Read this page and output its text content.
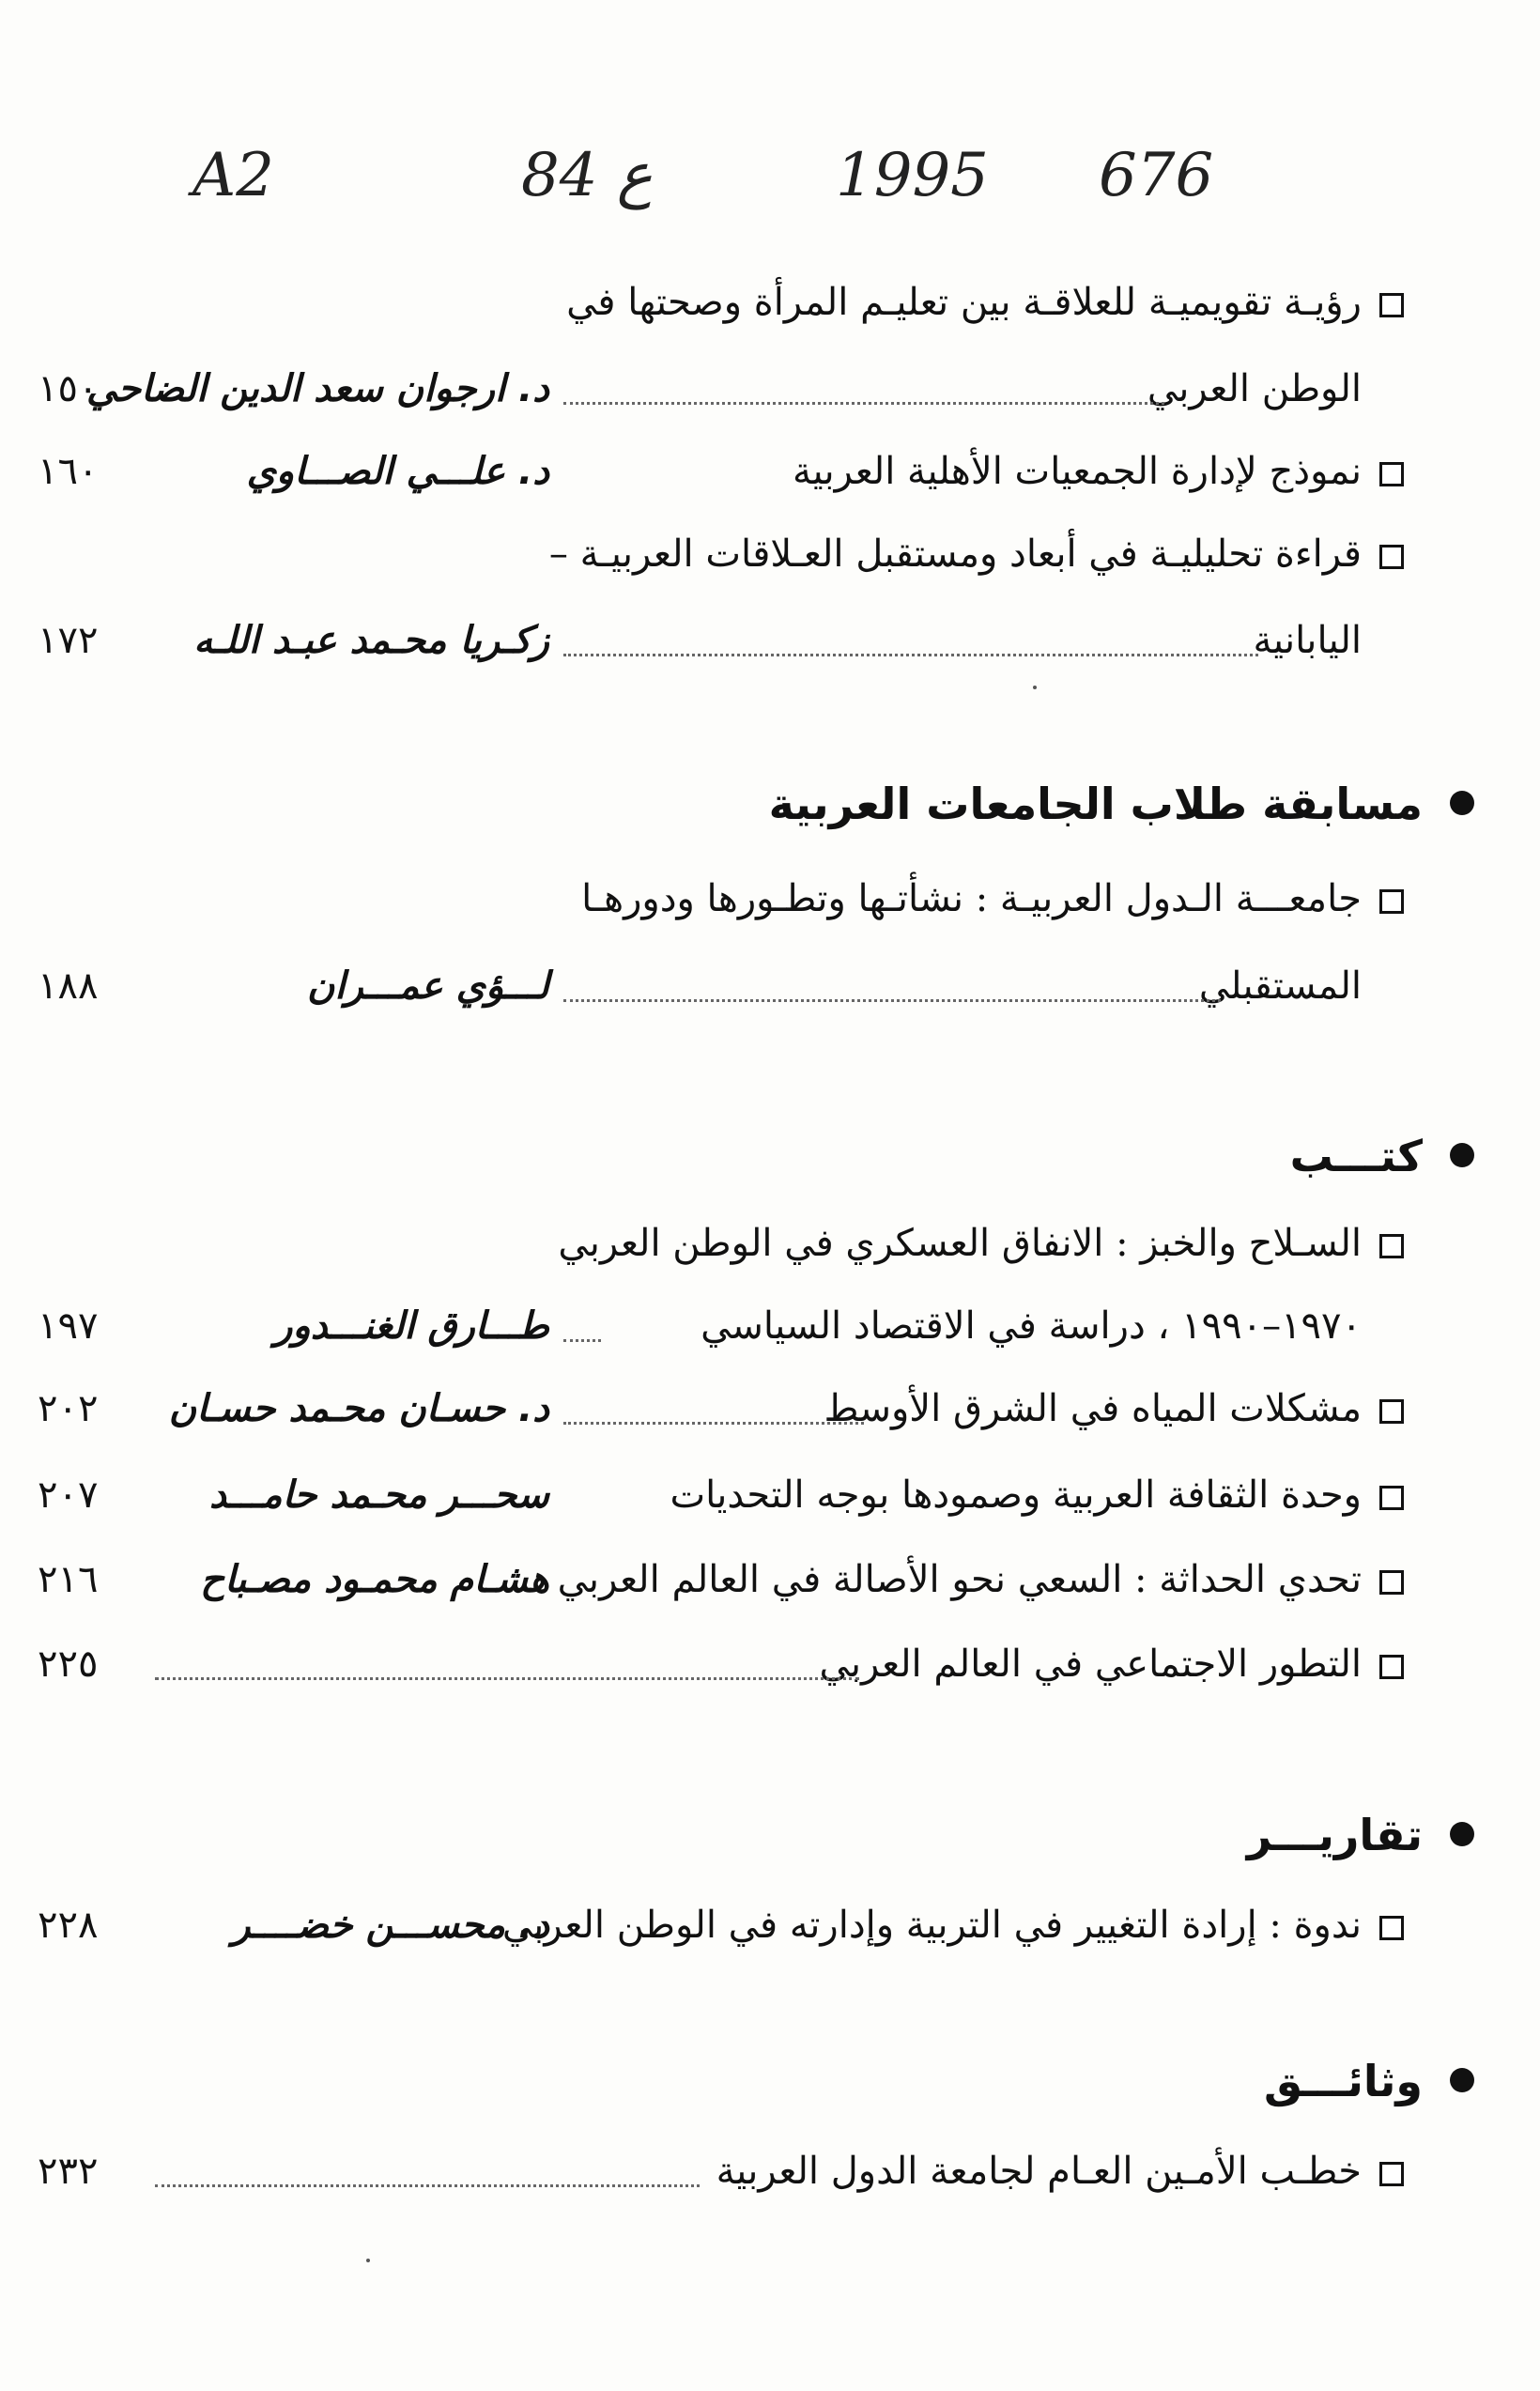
A2	84 ع	1995 676
رؤيـة تقويميـة للعلاقـة بين تعليـم المرأة وصحتها في
الوطن العربي
د. ارجوان سعد الدين الضاحي
١٥٠
نموذج لإدارة الجمعيات الأهلية العربية
د. علـــي الصـــاوي
١٦٠
قراءة تحليليـة في أبعاد ومستقبل العـلاقات العربيـة –
اليابانية
زكـريا محـمد عبـد اللـه
١٧٢
مسابقة طلاب الجامعات العربية
جامعـــة الـدول العربيـة : نشأتـها وتطـورها ودورهـا
المستقبلي
لـــؤي عمـــران
١٨٨
كتـــب
السـلاح والخبز : الانفاق العسكري في الوطن العربي
١٩٧٠–١٩٩٠ ، دراسة في الاقتصاد السياسي
طـــارق الغنـــدور
١٩٧
مشكلات المياه في الشرق الأوسط
د. حسـان محـمد حسـان
٢٠٢
وحدة الثقافة العربية وصمودها بوجه التحديات
سحـــر محـمد حامـــد
٢٠٧
تحدي الحداثة : السعي نحو الأصالة في العالم العربي
هشـام محمـود مصـباح
٢١٦
التطور الاجتماعي في العالم العربي
٢٢٥
تقاريـــر
ندوة : إرادة التغيير في التربية وإدارته في الوطن العربي
د. محســـن خضــــر
٢٢٨
وثائـــق
خطـب الأمـين العـام لجامعة الدول العربية
٢٣٢
